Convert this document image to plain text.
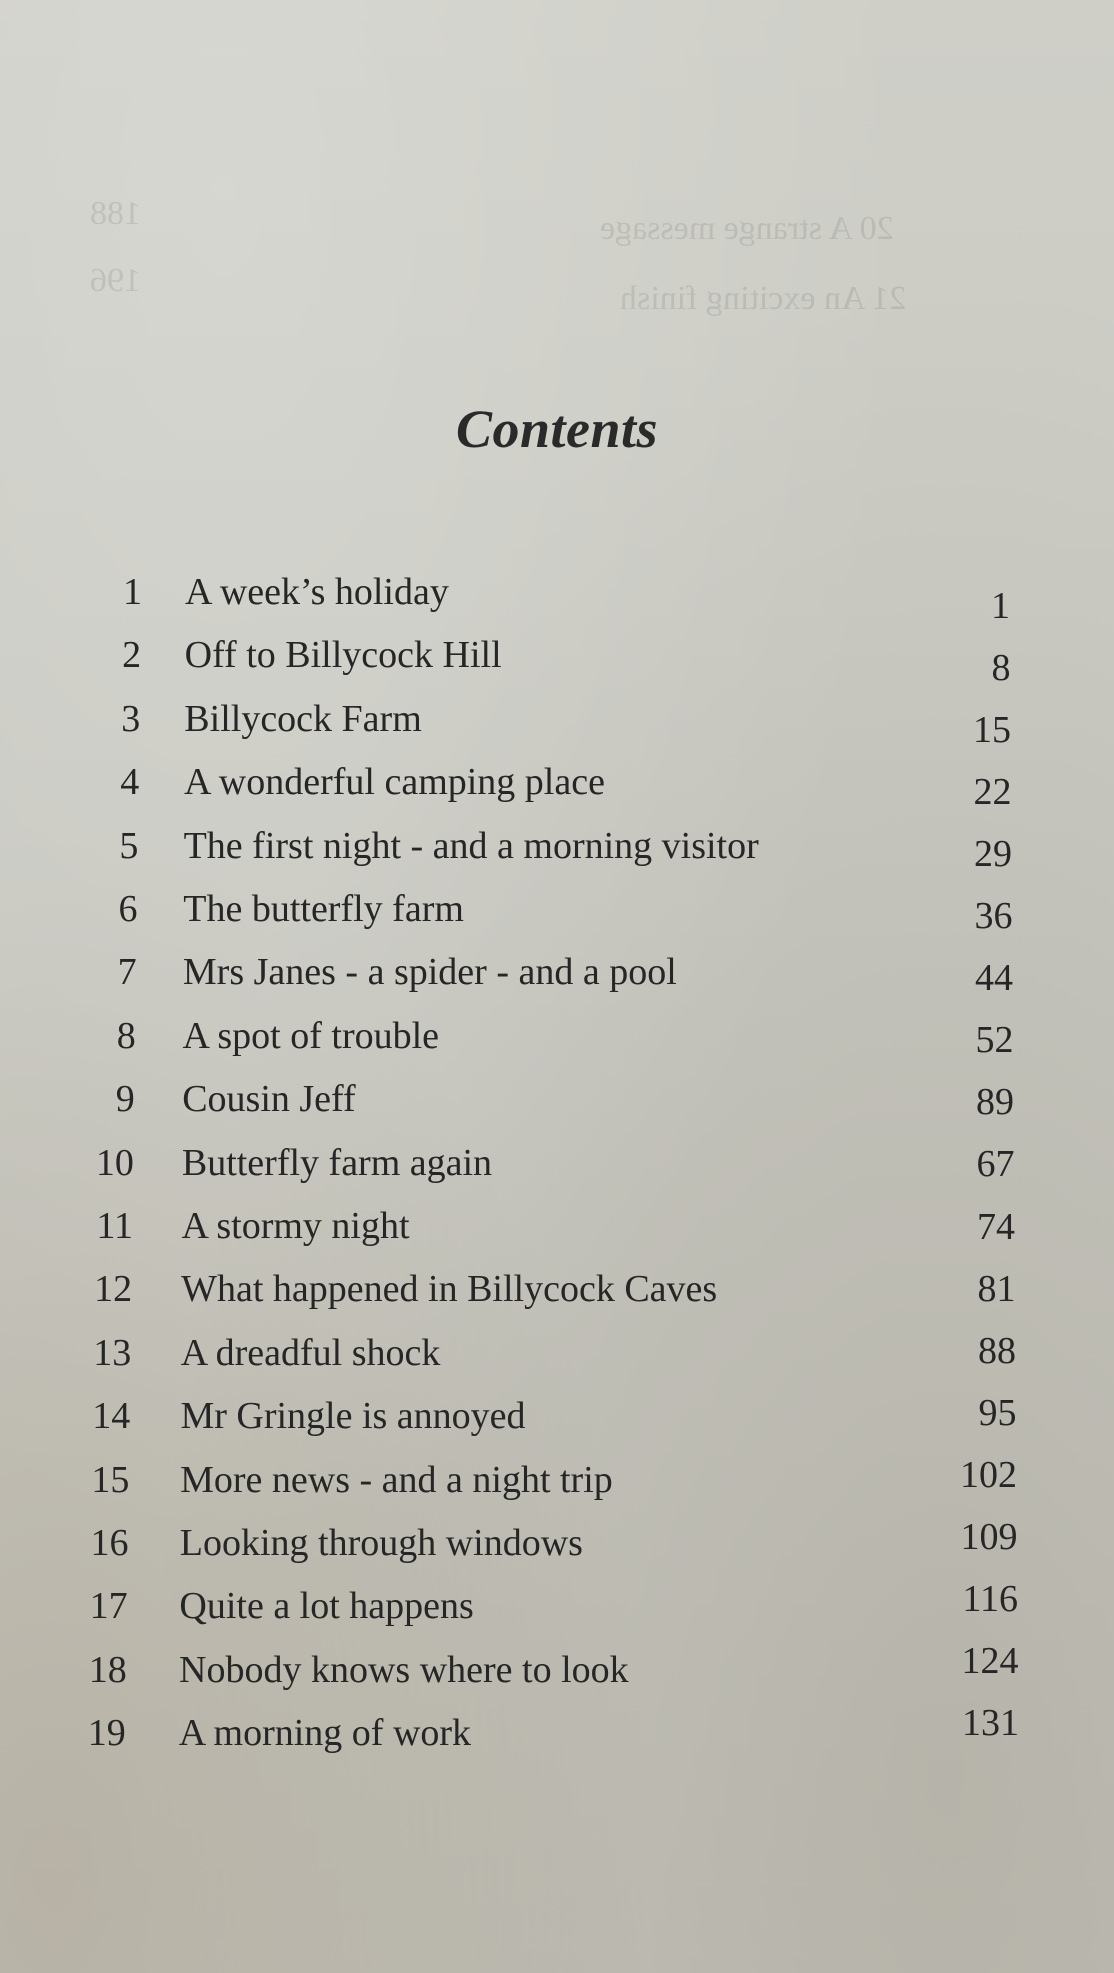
20 A strange message
21 An exciting finish
188
196
Contents
1 A week’s holiday	1
2 Off to Billycock Hill	8
3 Billycock Farm	15
4 A wonderful camping place	22
5 The first night - and a morning visitor	29
6 The butterfly farm	36
7 Mrs Janes - a spider - and a pool	44
8 A spot of trouble	52
9 Cousin Jeff	89
10 Butterfly farm again	67
11 A stormy night	74
12 What happened in Billycock Caves	81
13 A dreadful shock	88
14 Mr Gringle is annoyed	95
15 More news - and a night trip	102
16 Looking through windows	109
17 Quite a lot happens	116
18 Nobody knows where to look	124
19 A morning of work	131
